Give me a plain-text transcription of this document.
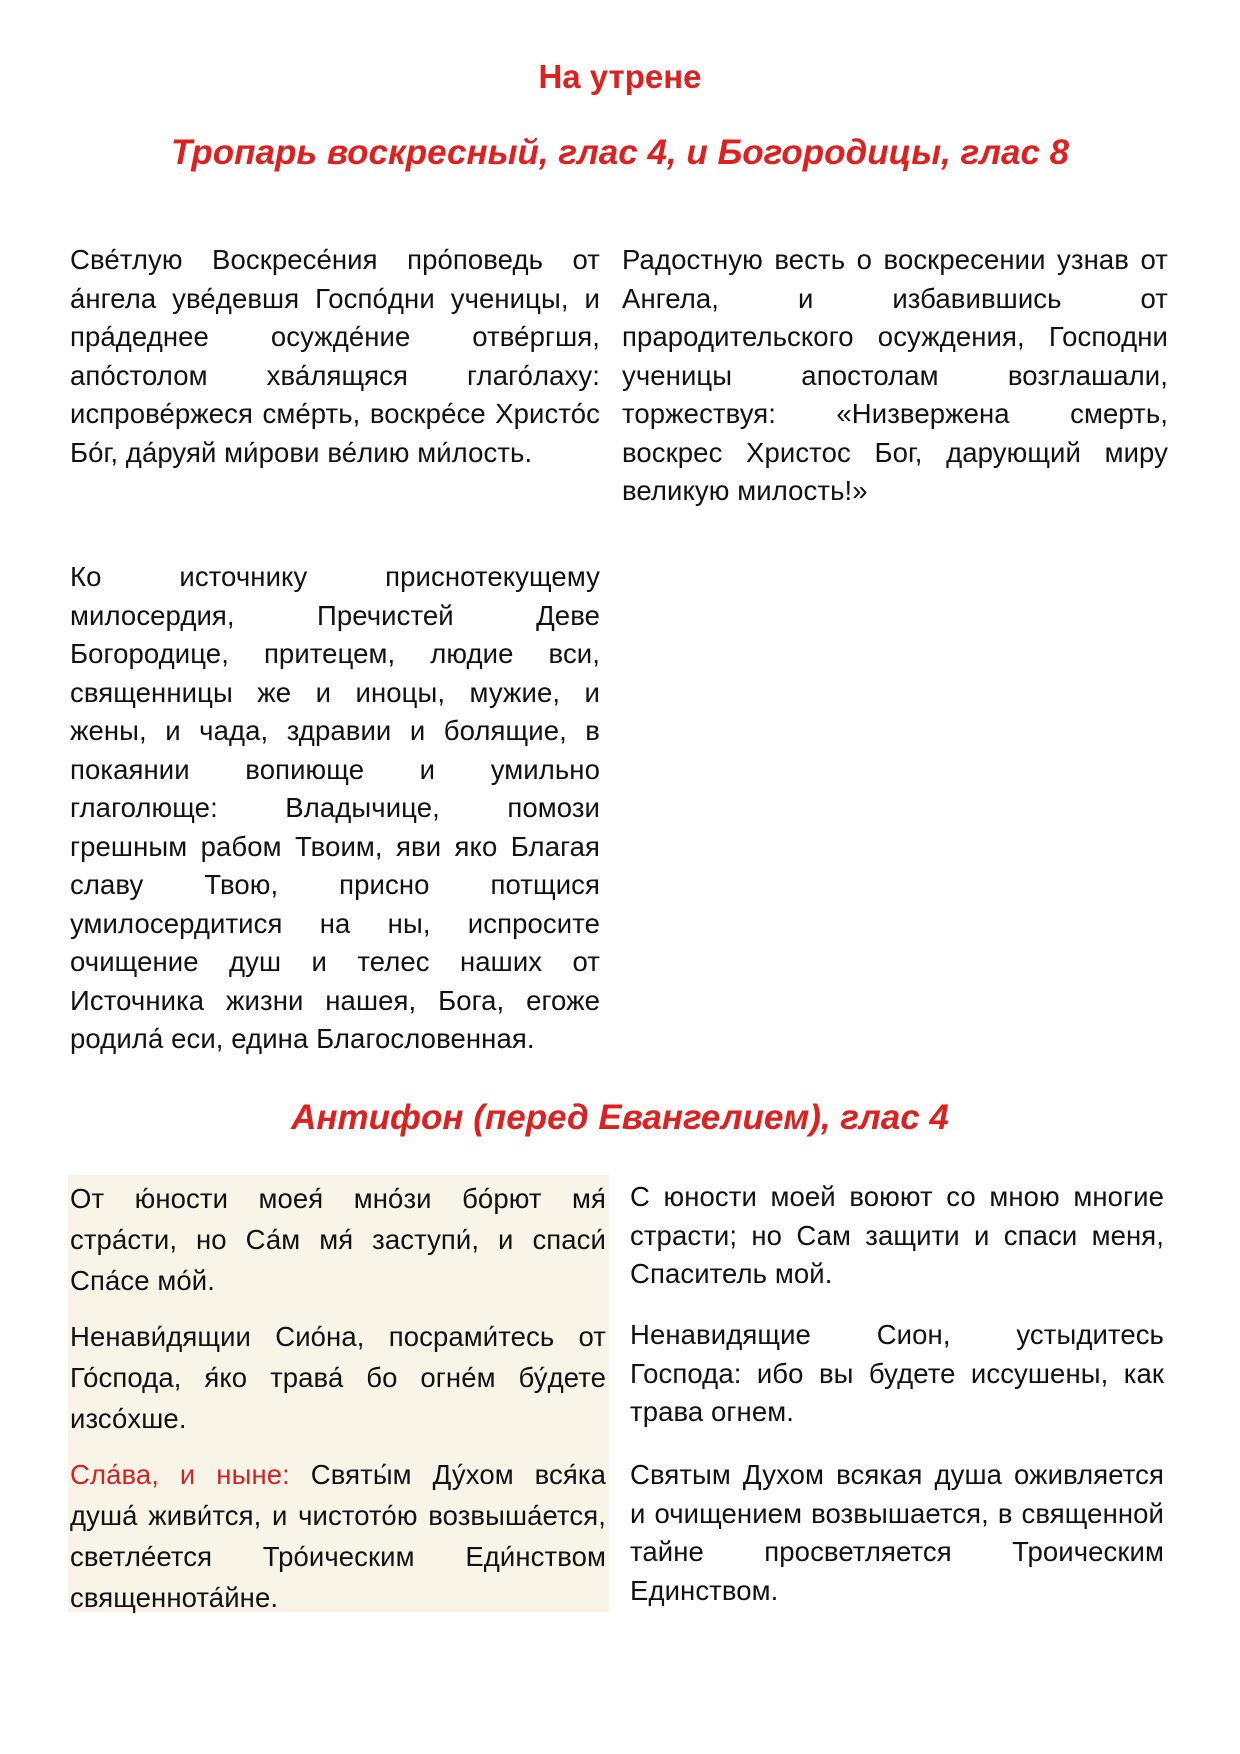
На утрене
Тропарь воскресный, глас 4, и Богородицы, глас 8

Све́тлую Воскресе́ния про́поведь от а́нгела уве́девшя Госпо́дни ученицы, и пра́деднее осужде́ние отве́ргшя, апо́столом хва́лящяся глаго́лаху: испрове́ржеся сме́рть, воскре́се Христо́с Бо́г, да́руяй ми́рови ве́лию ми́лость.

Радостную весть о воскресении узнав от Ангела, и избавившись от прародительского осуждения, Господни ученицы апостолам возглашали, торжествуя: «Низвержена смерть, воскрес Христос Бог, дарующий миру великую милость!»

Ко источнику приснотекущему милосердия, Пречистей Деве Богородице, притецем, людие вси, священницы же и иноцы, мужие, и жены, и чада, здравии и болящие, в покаянии вопиюще и умильно глаголюще: Владычице, помози грешным рабом Твоим, яви яко Благая славу Твою, присно потщися умилосердитися на ны, испросите очищение душ и телес наших от Источника жизни нашея, Бога, егоже родила́ еси, едина Благословенная.

Антифон (перед Евангелием), глас 4

От ю́ности моея́ мно́зи бо́рют мя́ стра́сти, но Са́м мя́ заступи́, и спаси́ Спа́се мо́й.

Ненави́дящии Сио́на, посрами́тесь от Го́спода, я́ко трава́ бо огне́м бу́дете изсо́хше.

Сла́ва, и ныне: Святы́м Ду́хом вся́ка душа́ живи́тся, и чистото́ю возвыша́ется, светле́ется Тро́ическим Еди́нством священнота́йне.

С юности моей воюют со мною многие страсти; но Сам защити и спаси меня, Спаситель мой.

Ненавидящие Сион, устыдитесь Господа: ибо вы будете иссушены, как трава огнем.

Святым Духом всякая душа оживляется и очищением возвышается, в священной тайне просветляется Троическим Единством.
